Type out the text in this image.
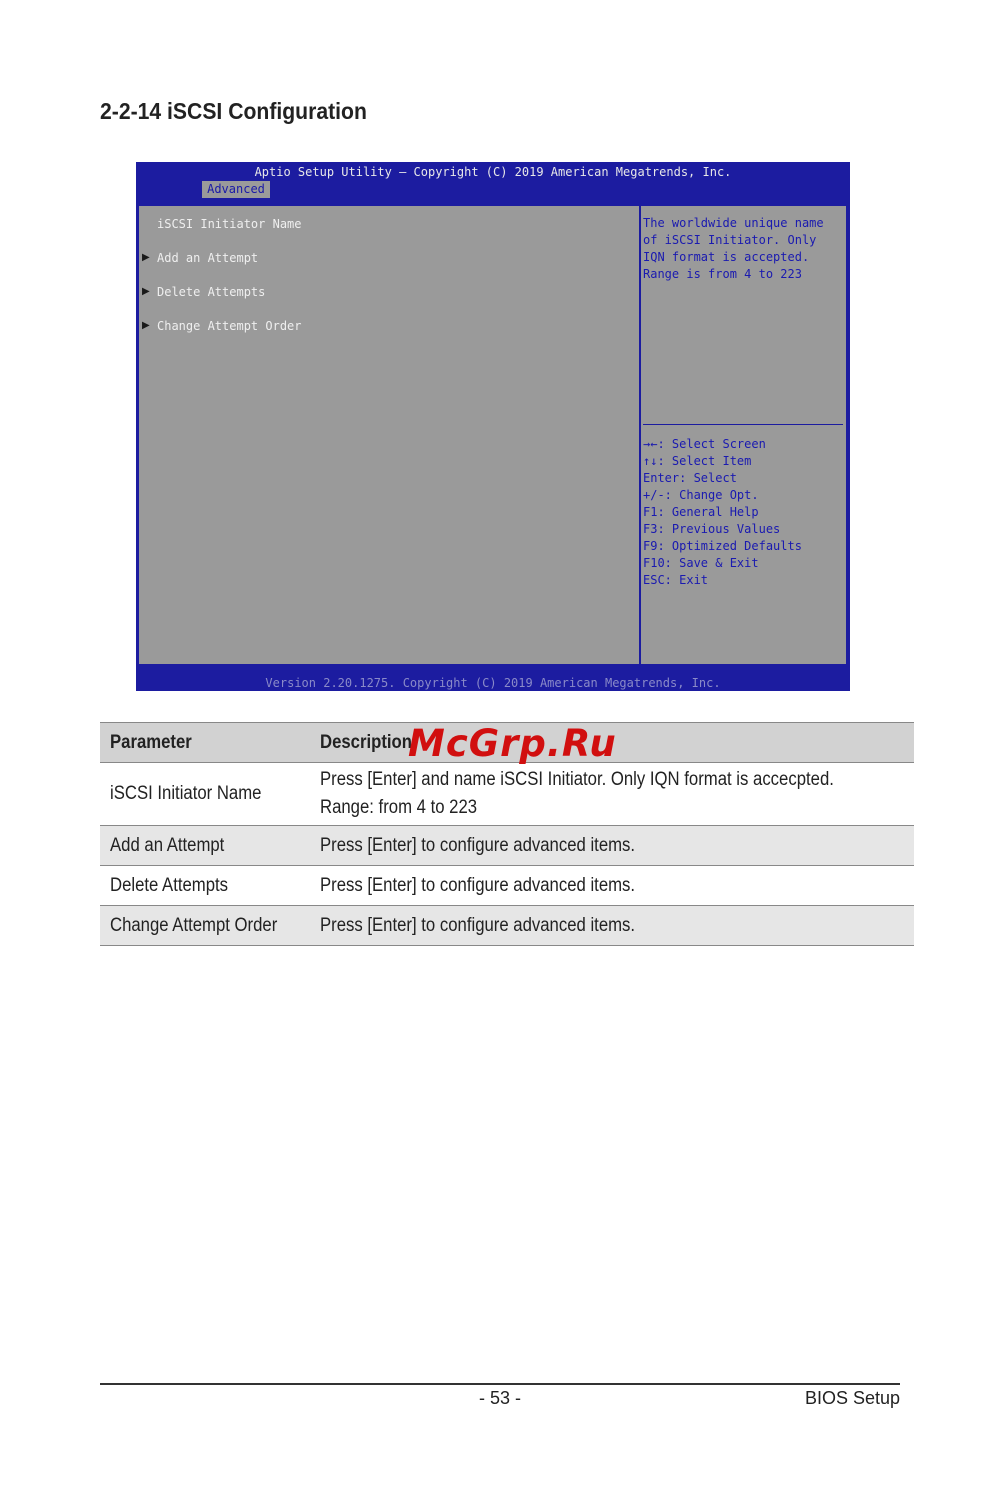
2-2-14 iSCSI Configuration
Aptio Setup Utility – Copyright (C) 2019 American Megatrends, Inc.
Advanced
iSCSI Initiator Name
▶ Add an Attempt
▶ Delete Attempts
▶ Change Attempt Order
The worldwide unique name
of iSCSI Initiator. Only
IQN format is accepted.
Range is from 4 to 223
→←: Select Screen
↑↓: Select Item
Enter: Select
+/-: Change Opt.
F1: General Help
F3: Previous Values
F9: Optimized Defaults
F10: Save & Exit
ESC: Exit
Version 2.20.1275. Copyright (C) 2019 American Megatrends, Inc.
Parameter	Description
iSCSI Initiator Name	Press [Enter] and name iSCSI Initiator. Only IQN format is accecpted.
Range: from 4 to 223

Add an Attempt	Press [Enter] to configure advanced items.
Delete Attempts	Press [Enter] to configure advanced items.
Change Attempt Order	Press [Enter] to configure advanced items.
McGrp.Ru
- 53 -	BIOS Setup
